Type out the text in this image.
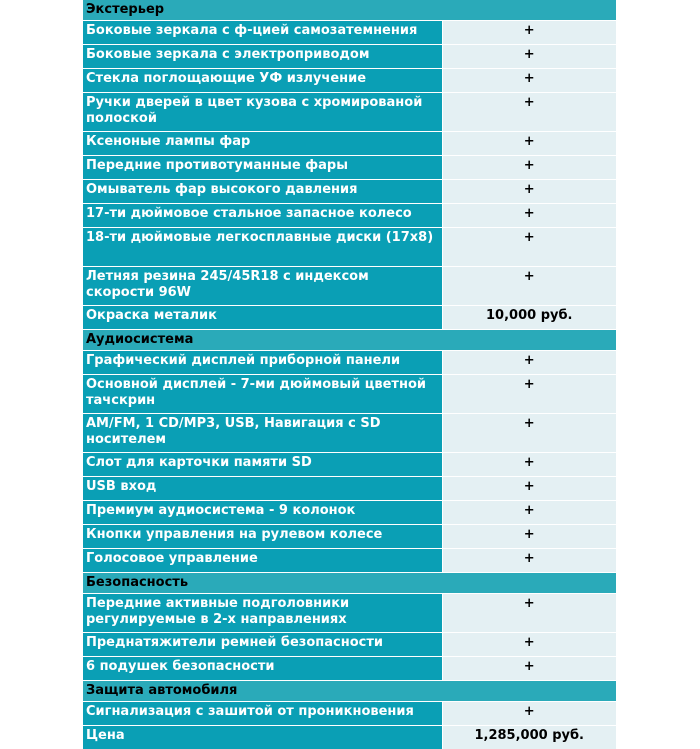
Экстерьер	
Боковые зеркала с ф-цией самозатемнения	+
Боковые зеркала с электроприводом	+
Стекла поглощающие УФ излучение	+
Ручки дверей в цвет кузова с хромированой полоской	+
Ксеноные лампы фар	+
Передние противотуманные фары	+
Омыватель фар высокого давления	+
17-ти дюймовое стальное запасное колесо	+
18-ти дюймовые легкосплавные диски (17x8)	+
Летняя резина 245/45R18 с индексом скорости 96W	+
Окраска металик	10,000 руб.
Аудиосистема	
Графический дисплей приборной панели	+
Основной дисплей - 7-ми дюймовый цветной тачскрин	+
AM/FM, 1 CD/MP3, USB, Навигация с SD носителем	+
Слот для карточки памяти SD	+
USB вход	+
Премиум аудиосистема - 9 колонок	+
Кнопки управления на рулевом колесе	+
Голосовое управление	+
Безопасность	
Передние активные подголовники регулируемые в 2-х направлениях	+
Преднатяжители ремней безопасности	+
6 подушек безопасности	+
Защита автомобиля	
Сигнализация с зашитой от проникновения	+
Цена	1,285,000 руб.
